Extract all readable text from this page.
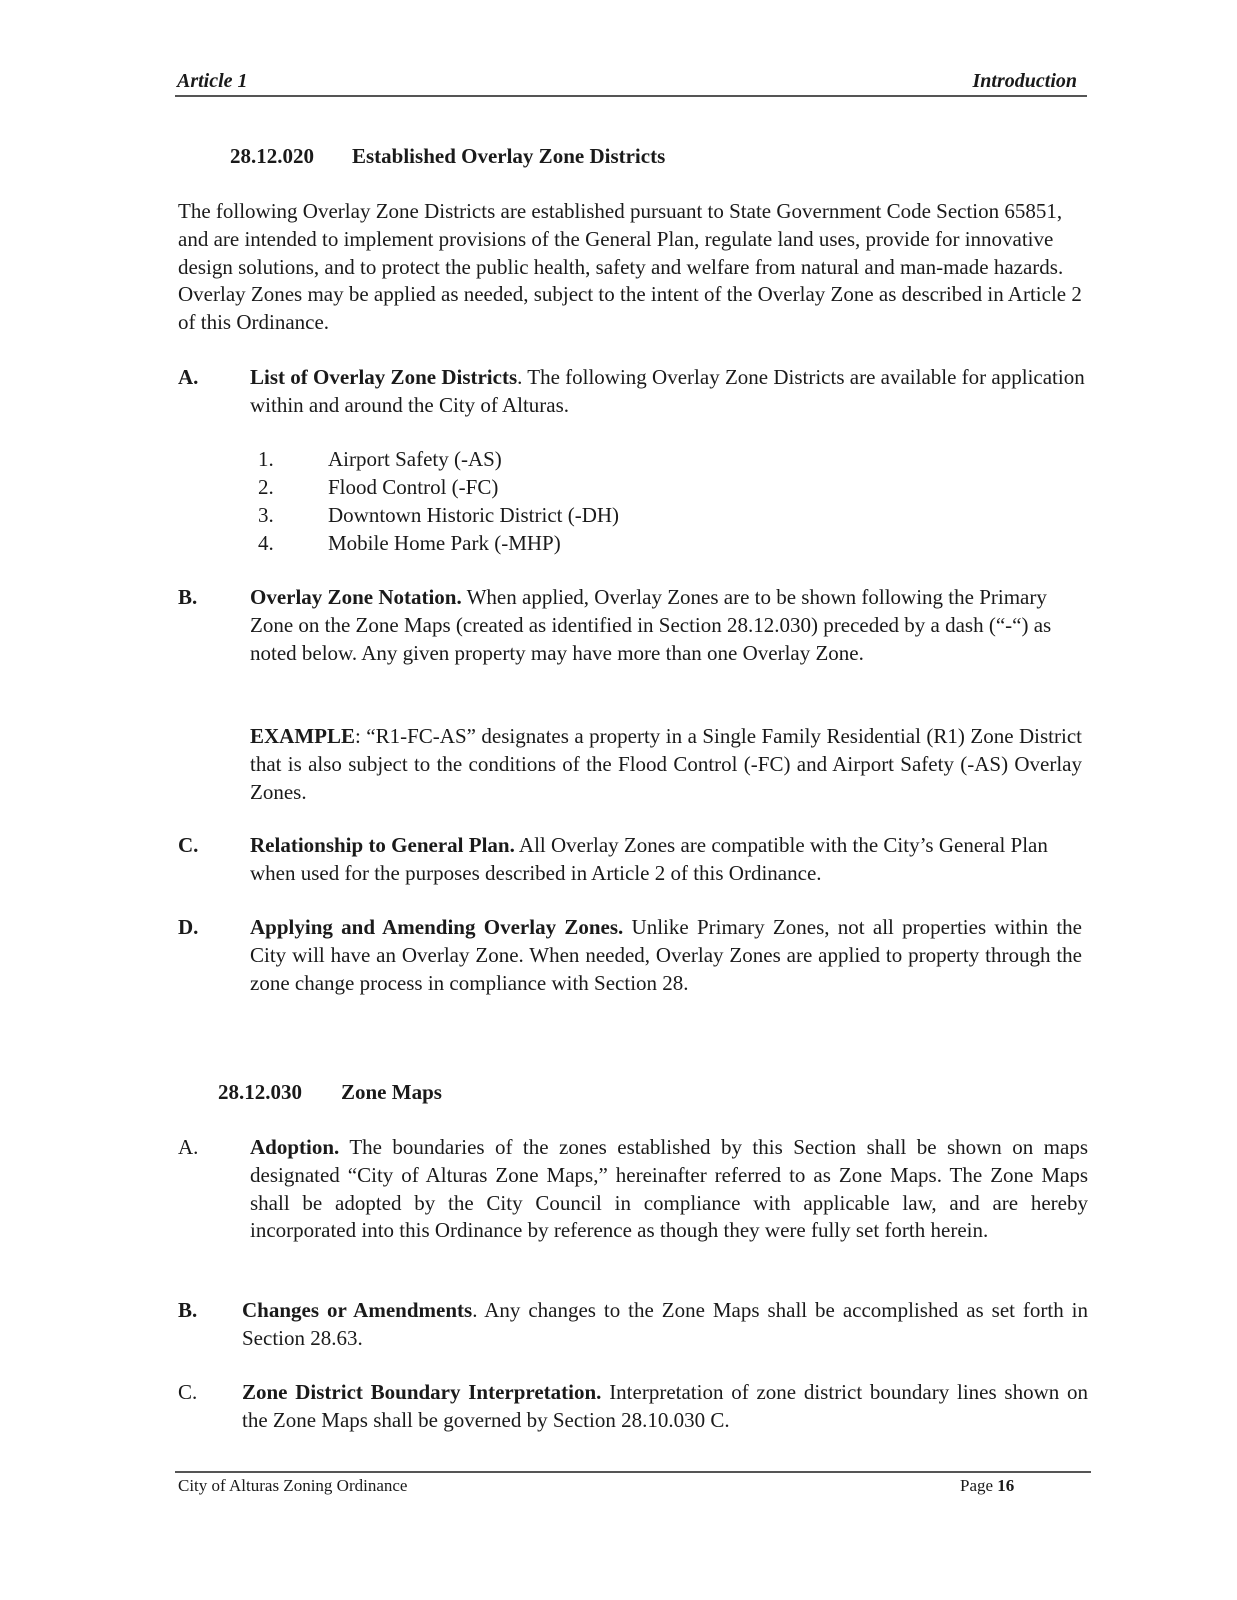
Article 1	Introduction
28.12.020 Established Overlay Zone Districts
The following Overlay Zone Districts are established pursuant to State Government Code Section 65851, and are intended to implement provisions of the General Plan, regulate land uses, provide for innovative design solutions, and to protect the public health, safety and welfare from natural and man-made hazards. Overlay Zones may be applied as needed, subject to the intent of the Overlay Zone as described in Article 2 of this Ordinance.
A. List of Overlay Zone Districts. The following Overlay Zone Districts are available for application within and around the City of Alturas.
1.	Airport Safety (-AS)
2.	Flood Control (-FC)
3.	Downtown Historic District (-DH)
4.	Mobile Home Park (-MHP)
B.	Overlay Zone Notation. When applied, Overlay Zones are to be shown following the Primary Zone on the Zone Maps (created as identified in Section 28.12.030) preceded by a dash (“-“) as noted below. Any given property may have more than one Overlay Zone.
EXAMPLE: “R1-FC-AS” designates a property in a Single Family Residential (R1) Zone District that is also subject to the conditions of the Flood Control (-FC) and Airport Safety (-AS) Overlay Zones.
C. Relationship to General Plan. All Overlay Zones are compatible with the City’s General Plan when used for the purposes described in Article 2 of this Ordinance.
D. Applying and Amending Overlay Zones. Unlike Primary Zones, not all properties within the City will have an Overlay Zone. When needed, Overlay Zones are applied to property through the zone change process in compliance with Section 28.
28.12.030 Zone Maps
A. Adoption. The boundaries of the zones established by this Section shall be shown on maps designated “City of Alturas Zone Maps,” hereinafter referred to as Zone Maps. The Zone Maps shall be adopted by the City Council in compliance with applicable law, and are hereby incorporated into this Ordinance by reference as though they were fully set forth herein.
B. Changes or Amendments. Any changes to the Zone Maps shall be accomplished as set forth in Section 28.63.
C. Zone District Boundary Interpretation. Interpretation of zone district boundary lines shown on the Zone Maps shall be governed by Section 28.10.030 C.
City of Alturas Zoning Ordinance	Page 16
